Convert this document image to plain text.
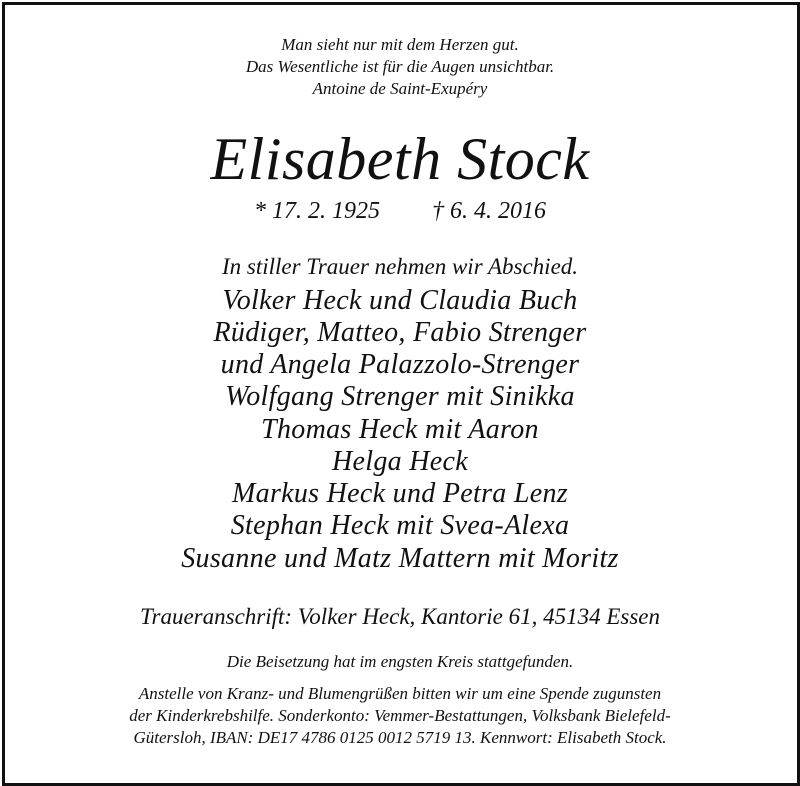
Man sieht nur mit dem Herzen gut.
Das Wesentliche ist für die Augen unsichtbar.
Antoine de Saint-Exupéry
Elisabeth Stock
* 17. 2. 1925 † 6. 4. 2016
In stiller Trauer nehmen wir Abschied.
Volker Heck und Claudia Buch
Rüdiger, Matteo, Fabio Strenger
und Angela Palazzolo-Strenger
Wolfgang Strenger mit Sinikka
Thomas Heck mit Aaron
Helga Heck
Markus Heck und Petra Lenz
Stephan Heck mit Svea-Alexa
Susanne und Matz Mattern mit Moritz
Traueranschrift: Volker Heck, Kantorie 61, 45134 Essen
Die Beisetzung hat im engsten Kreis stattgefunden.
Anstelle von Kranz- und Blumengrüßen bitten wir um eine Spende zugunsten
der Kinderkrebshilfe. Sonderkonto: Vemmer-Bestattungen, Volksbank Bielefeld-
Gütersloh, IBAN: DE17 4786 0125 0012 5719 13. Kennwort: Elisabeth Stock.
